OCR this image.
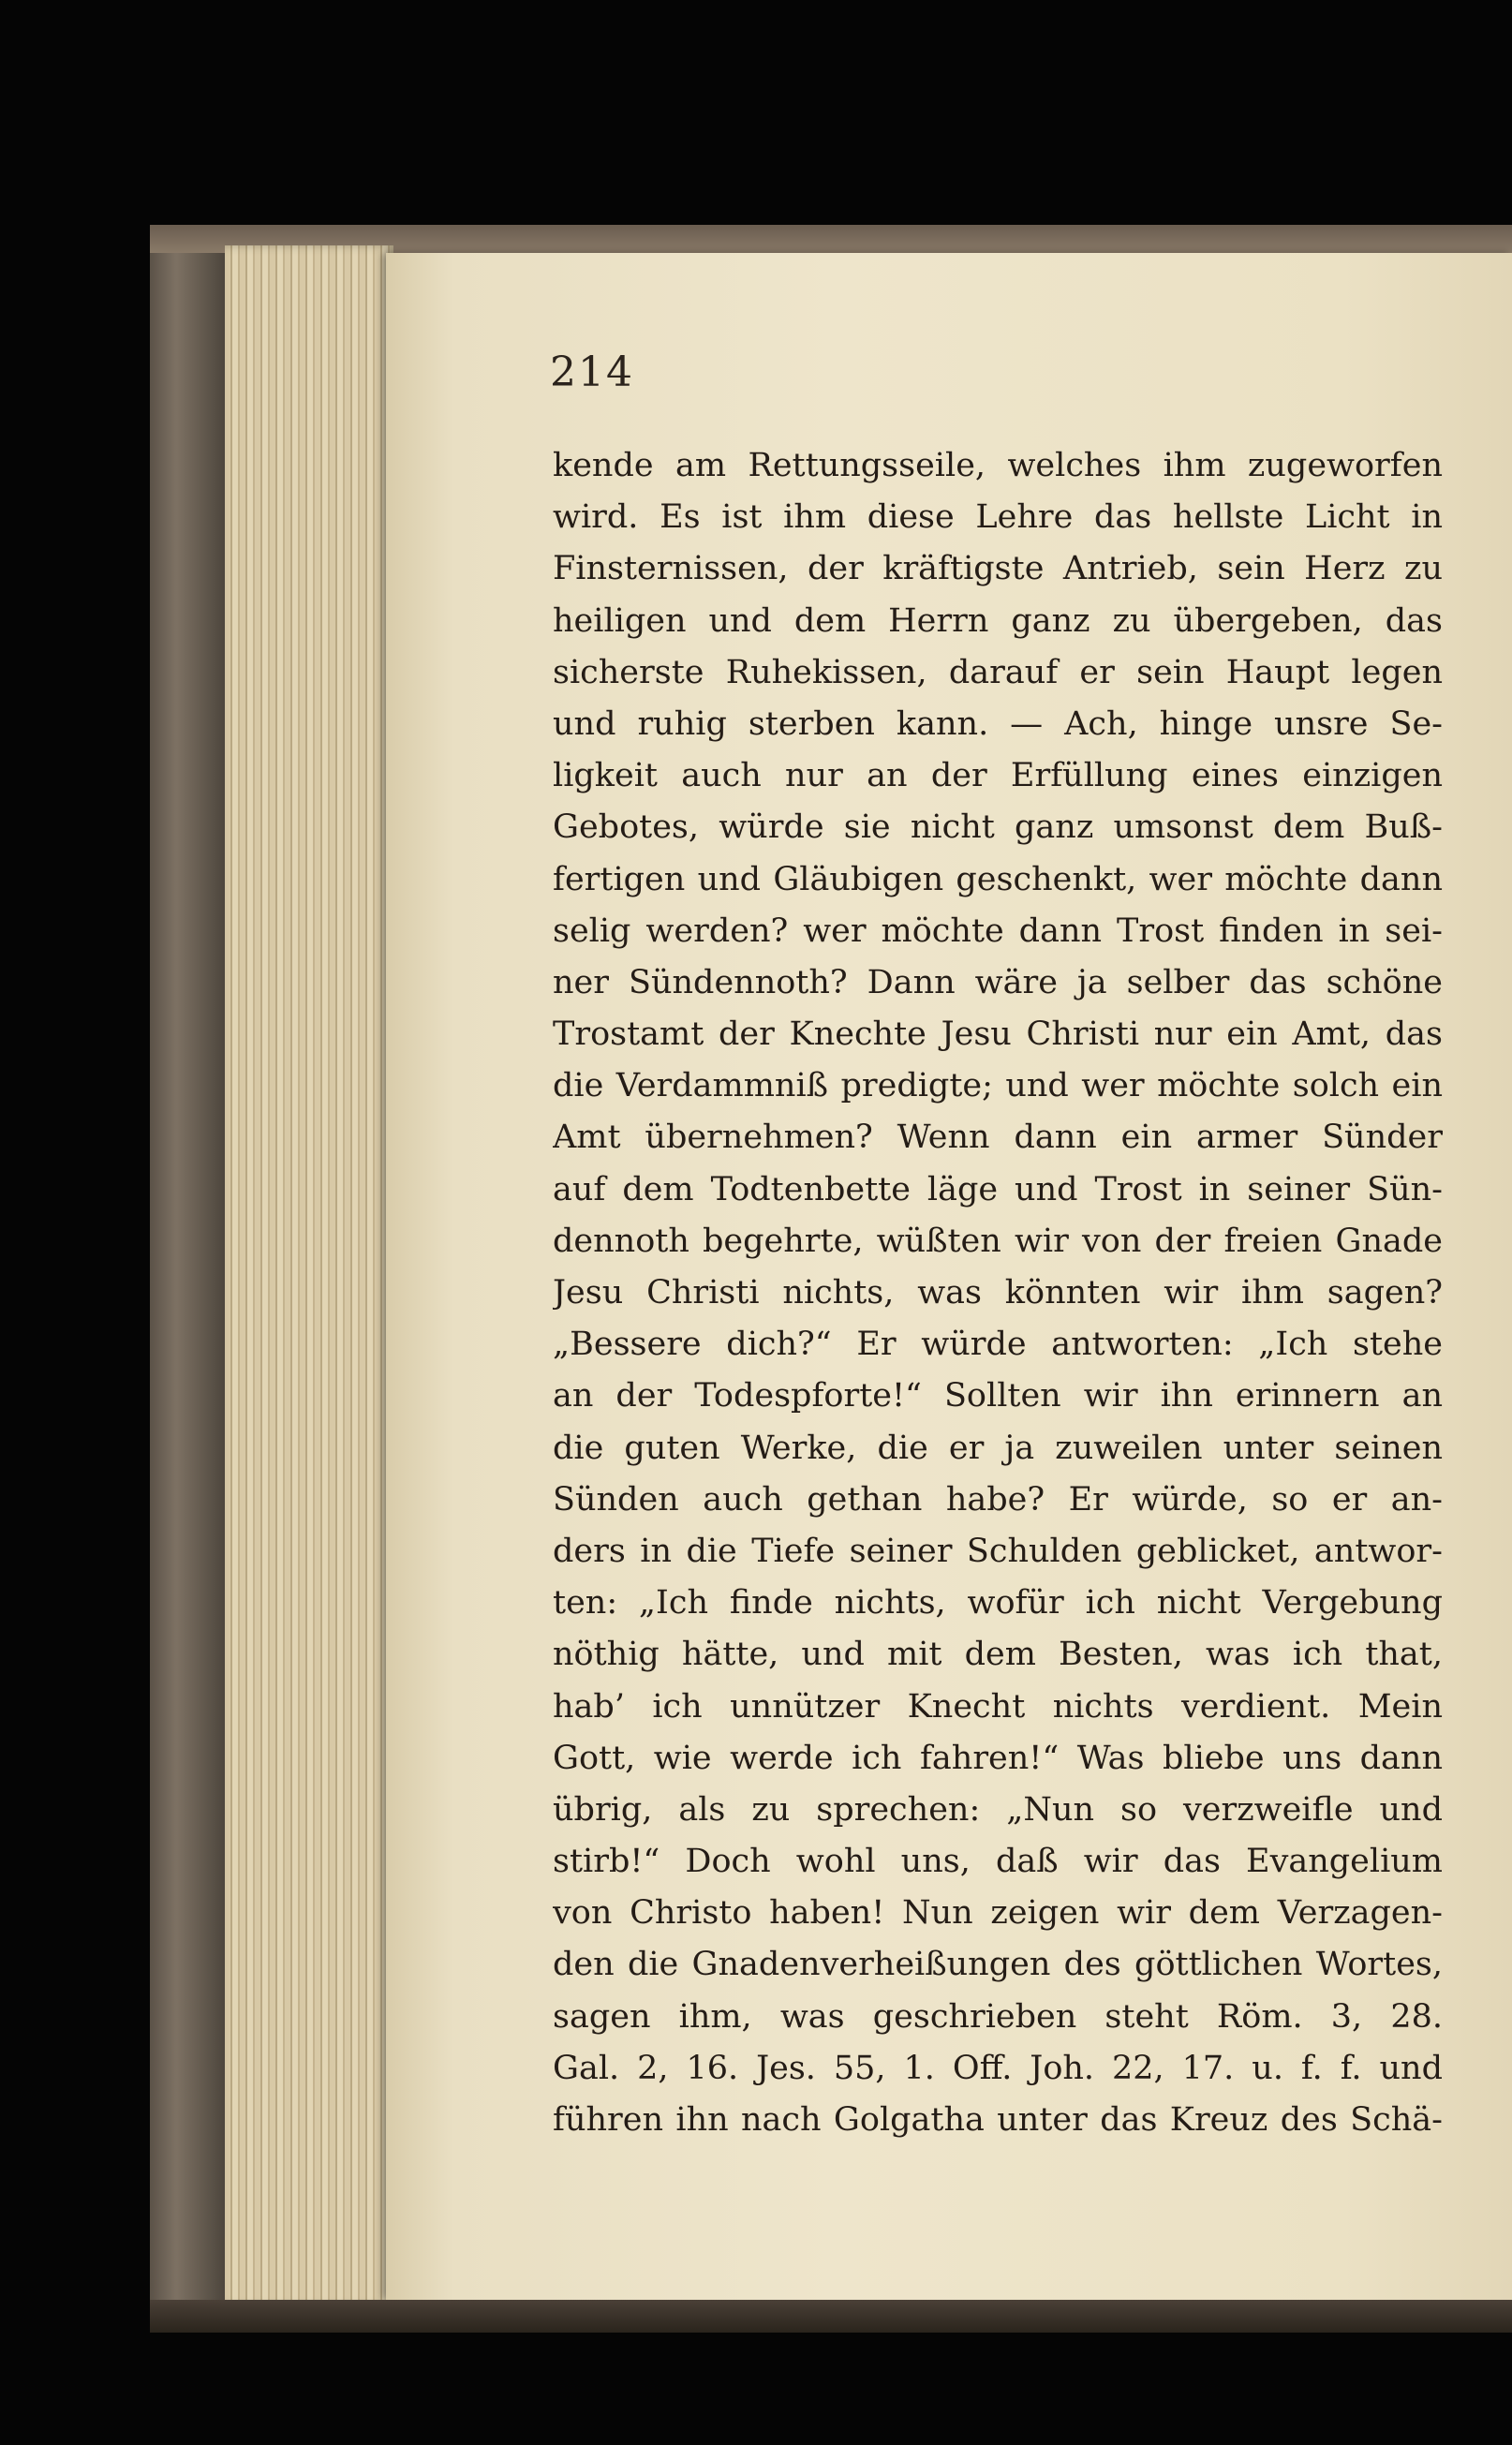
214
kende am Rettungsseile, welches ihm zugeworfen
wird. Es ist ihm diese Lehre das hellste Licht in
Finsternissen, der kräftigste Antrieb, sein Herz zu
heiligen und dem Herrn ganz zu übergeben, das
sicherste Ruhekissen, darauf er sein Haupt legen
und ruhig sterben kann. — Ach, hinge unsre Se-
ligkeit auch nur an der Erfüllung eines einzigen
Gebotes, würde sie nicht ganz umsonst dem Buß-
fertigen und Gläubigen geschenkt, wer möchte dann
selig werden? wer möchte dann Trost finden in sei-
ner Sündennoth? Dann wäre ja selber das schöne
Trostamt der Knechte Jesu Christi nur ein Amt, das
die Verdammniß predigte; und wer möchte solch ein
Amt übernehmen? Wenn dann ein armer Sünder
auf dem Todtenbette läge und Trost in seiner Sün-
dennoth begehrte, wüßten wir von der freien Gnade
Jesu Christi nichts, was könnten wir ihm sagen?
„Bessere dich?“ Er würde antworten: „Ich stehe
an der Todespforte!“ Sollten wir ihn erinnern an
die guten Werke, die er ja zuweilen unter seinen
Sünden auch gethan habe? Er würde, so er an-
ders in die Tiefe seiner Schulden geblicket, antwor-
ten: „Ich finde nichts, wofür ich nicht Vergebung
nöthig hätte, und mit dem Besten, was ich that,
hab’ ich unnützer Knecht nichts verdient. Mein
Gott, wie werde ich fahren!“ Was bliebe uns dann
übrig, als zu sprechen: „Nun so verzweifle und
stirb!“ Doch wohl uns, daß wir das Evangelium
von Christo haben! Nun zeigen wir dem Verzagen-
den die Gnadenverheißungen des göttlichen Wortes,
sagen ihm, was geschrieben steht Röm. 3, 28.
Gal. 2, 16. Jes. 55, 1. Off. Joh. 22, 17. u. f. f. und
führen ihn nach Golgatha unter das Kreuz des Schä-
